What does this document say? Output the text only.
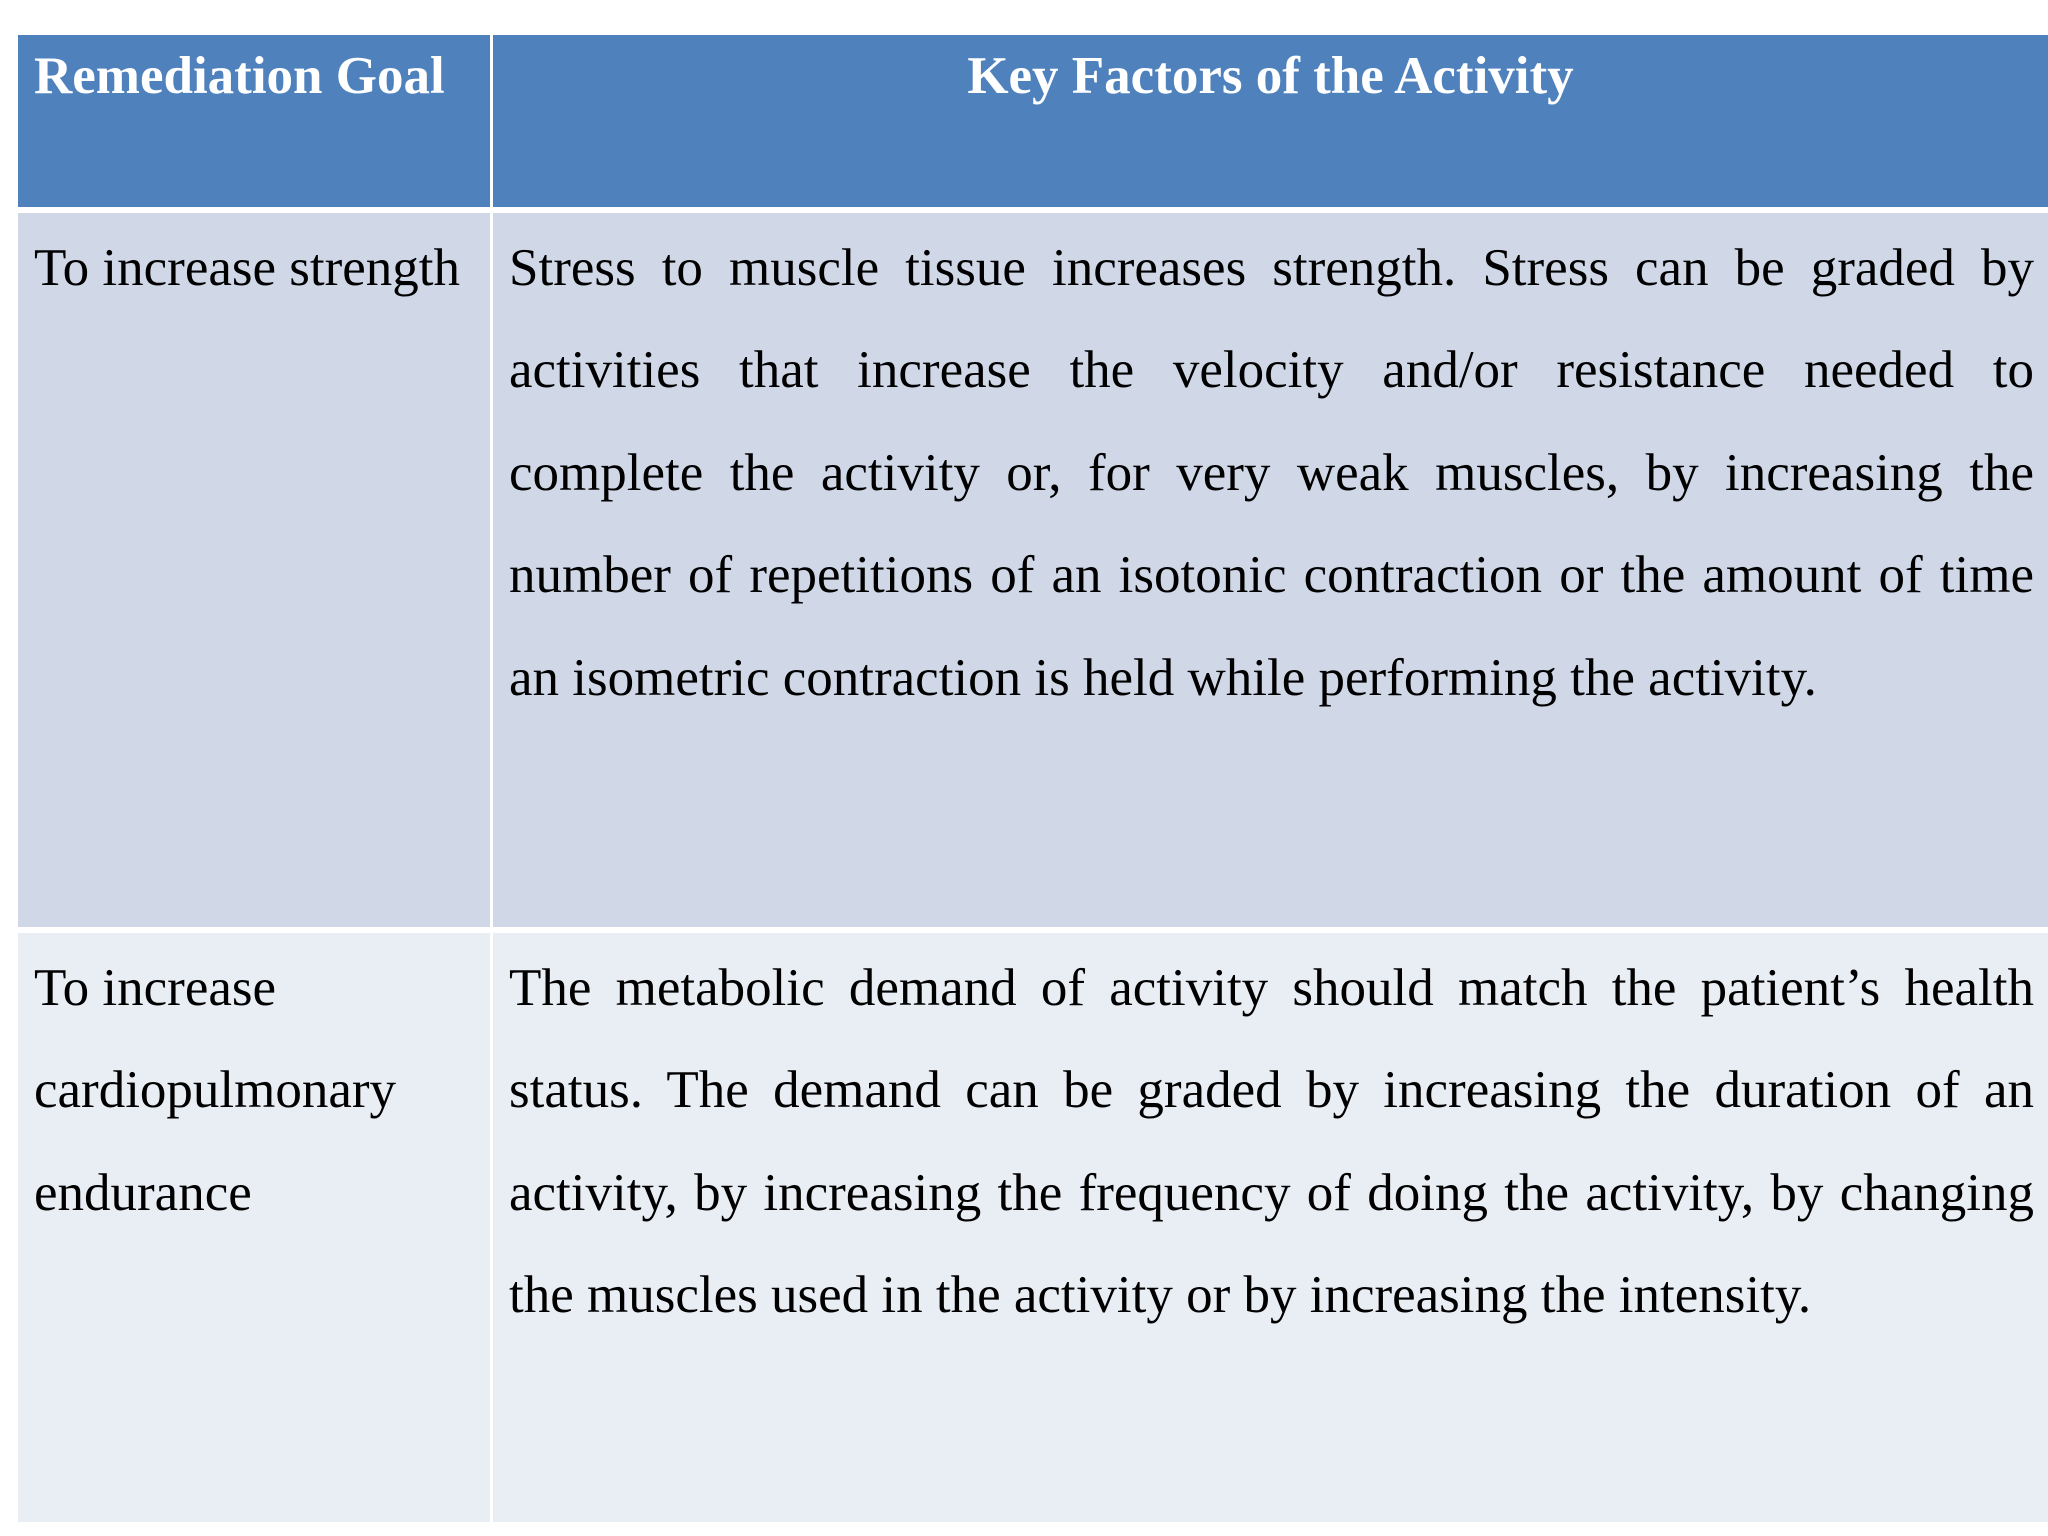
Remediation Goal	Key Factors of the Activity
To increase strength Stress to muscle tissue increases strength. Stress can be graded by activities that increase the velocity and/or resistance needed to complete the activity or, for very weak muscles, by increasing the number of repetitions of an isotonic contraction or the amount of time an isometric contraction is held while performing the activity.
To increase cardiopulmonary endurance
The metabolic demand of activity should match the patient’s health status. The demand can be graded by increasing the duration of an activity, by increasing the frequency of doing the activity, by changing the muscles used in the activity or by increasing the intensity.
